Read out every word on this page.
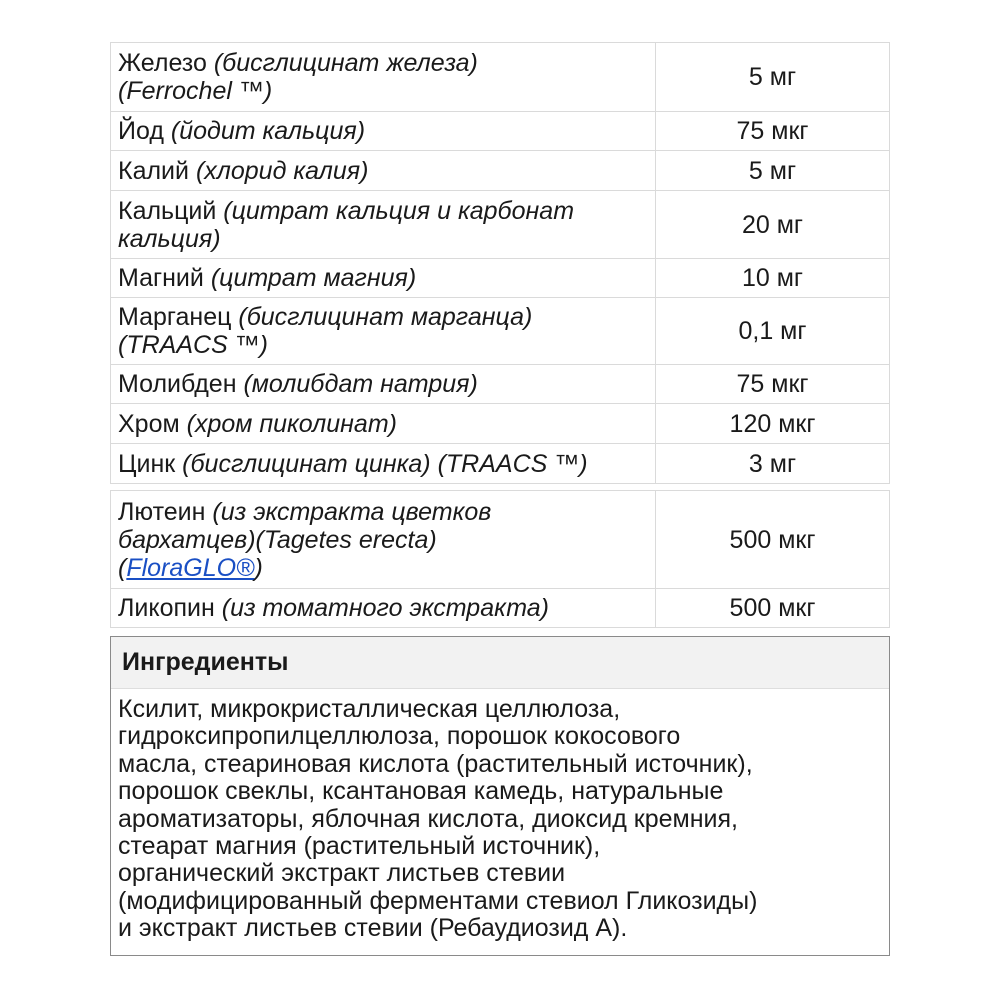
Железо (бисглицинат железа)
(Ferrochel ™)	5 мг
Йод (йодит кальция)	75 мкг
Калий (хлорид калия)	5 мг
Кальций (цитрат кальция и карбонат
кальция)	20 мг
Магний (цитрат магния)	10 мг
Марганец (бисглицинат марганца)
(TRAACS ™)	0,1 мг
Молибден (молибдат натрия)	75 мкг
Хром (хром пиколинат)	120 мкг
Цинк (бисглицинат цинка) (TRAACS ™)	3 мг
Лютеин (из экстракта цветков
бархатцев)(Tagetes erecta)
(FloraGLO®)	500 мкг
Ликопин (из томатного экстракта)	500 мкг
Ингредиенты
Ксилит, микрокристаллическая целлюлоза,
гидроксипропилцеллюлоза, порошок кокосового
масла, стеариновая кислота (растительный источник),
порошок свеклы, ксантановая камедь, натуральные
ароматизаторы, яблочная кислота, диоксид кремния,
стеарат магния (растительный источник),
органический экстракт листьев стевии
(модифицированный ферментами стевиол Гликозиды)
и экстракт листьев стевии (Ребаудиозид А).
